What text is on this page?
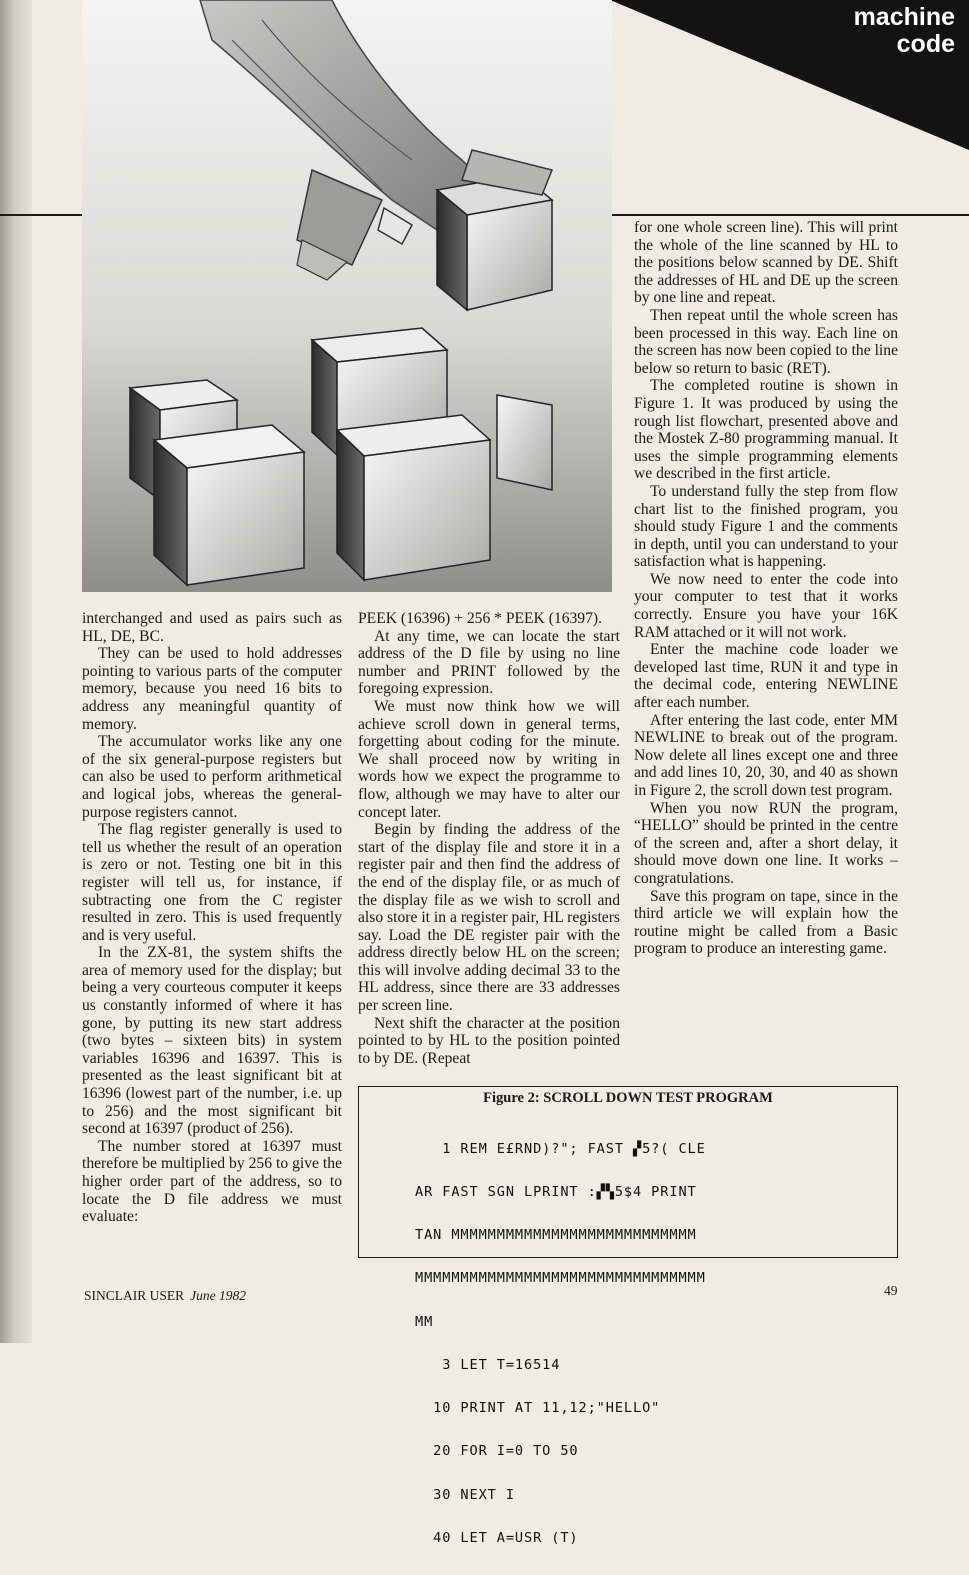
machine
code

interchanged and used as pairs such as HL, DE, BC.

They can be used to hold addresses pointing to various parts of the computer memory, because you need 16 bits to address any meaningful quantity of memory.

The accumulator works like any one of the six general-purpose registers but can also be used to perform arithmetical and logical jobs, whereas the general-purpose registers cannot.

The flag register generally is used to tell us whether the result of an operation is zero or not. Testing one bit in this register will tell us, for instance, if subtracting one from the C register resulted in zero. This is used frequently and is very useful.

In the ZX-81, the system shifts the area of memory used for the display; but being a very courteous computer it keeps us constantly informed of where it has gone, by putting its new start address (two bytes – sixteen bits) in system variables 16396 and 16397. This is presented as the least significant bit at 16396 (lowest part of the number, i.e. up to 256) and the most significant bit second at 16397 (product of 256).

The number stored at 16397 must therefore be multiplied by 256 to give the higher order part of the address, so to locate the D file address we must evaluate:

PEEK (16396) + 256 * PEEK (16397).

At any time, we can locate the start address of the D file by using no line number and PRINT followed by the foregoing expression.

We must now think how we will achieve scroll down in general terms, forgetting about coding for the minute. We shall proceed now by writing in words how we expect the programme to flow, although we may have to alter our concept later.

Begin by finding the address of the start of the display file and store it in a register pair and then find the address of the end of the display file, or as much of the display file as we wish to scroll and also store it in a register pair, HL registers say. Load the DE register pair with the address directly below HL on the screen; this will involve adding decimal 33 to the HL address, since there are 33 addresses per screen line.

Next shift the character at the position pointed to by HL to the position pointed to by DE. (Repeat

for one whole screen line). This will print the whole of the line scanned by HL to the positions below scanned by DE. Shift the addresses of HL and DE up the screen by one line and repeat.

Then repeat until the whole screen has been processed in this way. Each line on the screen has now been copied to the line below so return to basic (RET).

The completed routine is shown in Figure 1. It was produced by using the rough list flowchart, presented above and the Mostek Z-80 programming manual. It uses the simple programming elements we described in the first article.

To understand fully the step from flow chart list to the finished program, you should study Figure 1 and the comments in depth, until you can understand to your satisfaction what is happening.

We now need to enter the code into your computer to test that it works correctly. Ensure you have your 16K RAM attached or it will not work.

Enter the machine code loader we developed last time, RUN it and type in the decimal code, entering NEWLINE after each number.

After entering the last code, enter MM NEWLINE to break out of the program. Now delete all lines except one and three and add lines 10, 20, 30, and 40 as shown in Figure 2, the scroll down test program.

When you now RUN the program, “HELLO” should be printed in the centre of the screen and, after a short delay, it should move down one line. It works – congratulations.

Save this program on tape, since in the third article we will explain how the routine might be called from a Basic program to produce an interesting game.

Figure 2: SCROLL DOWN TEST PROGRAM

1 REM E£RND)?"; FAST ▞5?( CLE

AR FAST SGN LPRINT :▞▚5$4 PRINT

TAN MMMMMMMMMMMMMMMMMMMMMMMMMMM

MMMMMMMMMMMMMMMMMMMMMMMMMMMMMMMM

MM

3 LET T=16514

10 PRINT AT 11,12;"HELLO"

20 FOR I=0 TO 50

30 NEXT I

40 LET A=USR (T)

SINCLAIR USER June 1982	49
